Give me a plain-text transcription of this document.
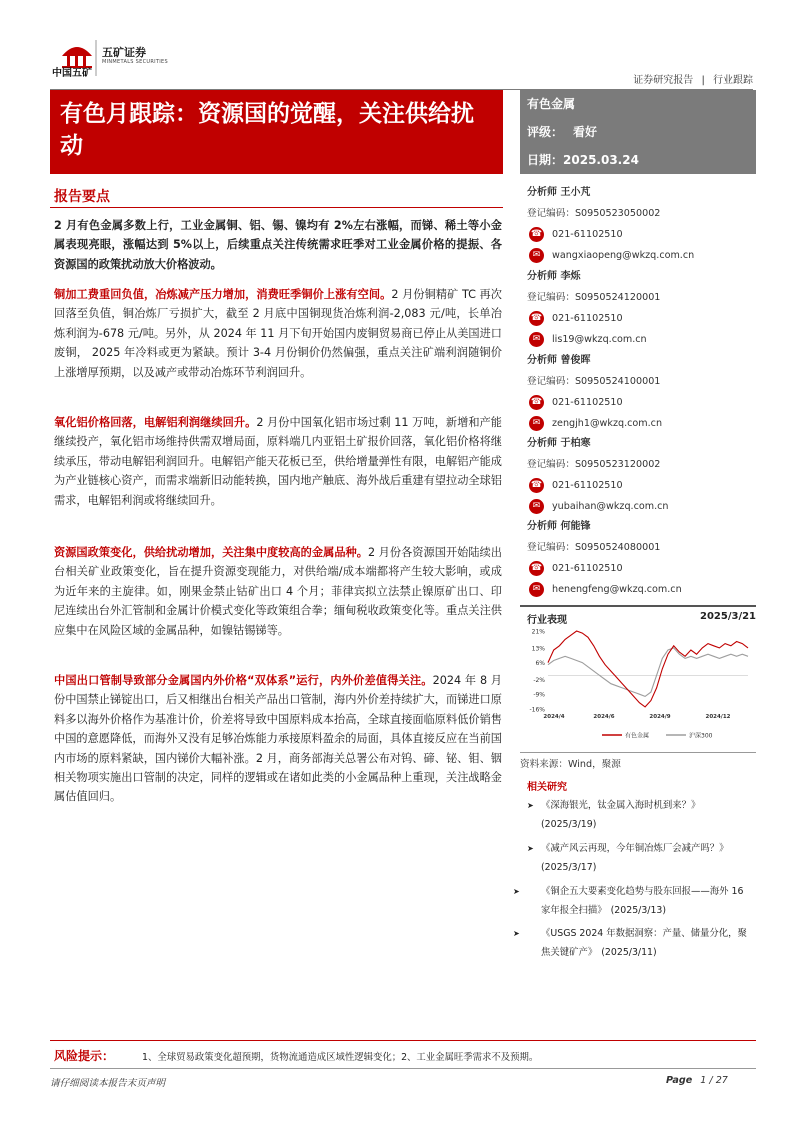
中国五矿
五矿证券
MINMETALS SECURITIES
证券研究报告 | 行业跟踪
有色月跟踪：资源国的觉醒，关注供给扰动
有色金属
评级： 看好
日期：2025.03.24
报告要点
2 月有色金属多数上行，工业金属铜、铝、锡、镍均有 2%左右涨幅，而锑、稀土等小金属表现亮眼，涨幅达到 5%以上，后续重点关注传统需求旺季对工业金属价格的提振、各资源国的政策扰动放大价格波动。
铜加工费重回负值，冶炼减产压力增加，消费旺季铜价上涨有空间。2 月份铜精矿 TC 再次回落至负值，铜冶炼厂亏损扩大，截至 2 月底中国铜现货冶炼利润-2,083 元/吨，长单冶炼利润为-678 元/吨。另外，从 2024 年 11 月下旬开始国内废铜贸易商已停止从美国进口废铜， 2025 年冷料或更为紧缺。预计 3-4 月份铜价仍然偏强，重点关注矿端利润随铜价上涨增厚预期，以及减产或带动冶炼环节利润回升。
氧化铝价格回落，电解铝利润继续回升。2 月份中国氧化铝市场过剩 11 万吨，新增和产能继续投产，氧化铝市场维持供需双增局面，原料端几内亚铝土矿报价回落，氧化铝价格将继续承压，带动电解铝利润回升。电解铝产能天花板已至，供给增量弹性有限，电解铝产能成为产业链核心资产，而需求端新旧动能转换，国内地产触底、海外战后重建有望拉动全球铝需求，电解铝利润或将继续回升。
资源国政策变化，供给扰动增加，关注集中度较高的金属品种。2 月份各资源国开始陆续出台相关矿业政策变化，旨在提升资源变现能力，对供给端/成本端都将产生较大影响，或成为近年来的主旋律。如，刚果金禁止钴矿出口 4 个月；菲律宾拟立法禁止镍原矿出口、印尼连续出台外汇管制和金属计价模式变化等政策组合拳；缅甸税收政策变化等。重点关注供应集中在风险区域的金属品种，如镍钴锡锑等。
中国出口管制导致部分金属国内外价格“双体系”运行，内外价差值得关注。2024 年 8 月份中国禁止锑锭出口，后又相继出台相关产品出口管制，海内外价差持续扩大，而锑进口原料多以海外价格作为基准计价，价差将导致中国原料成本抬高，全球直接面临原料低价销售中国的意愿降低，而海外又没有足够冶炼能力承接原料盈余的局面，具体直接反应在当前国内市场的原料紧缺，国内锑价大幅补涨。2 月，商务部海关总署公布对钨、碲、铋、钼、铟相关物项实施出口管制的决定，同样的逻辑或在诸如此类的小金属品种上重现，关注战略金属估值回归。
分析师 王小芃
登记编码：S0950523050002
☎ 021-61102510
✉	wangxiaopeng@wkzq.com.cn
分析师 李烁
登记编码：S0950524120001
☎ 021-61102510
✉	lis19@wkzq.com.cn
分析师 曾俊晖
登记编码：S0950524100001
☎ 021-61102510
✉	zengjh1@wkzq.com.cn
分析师 于柏寒
登记编码：S0950523120002
☎ 021-61102510
✉	yubaihan@wkzq.com.cn
分析师 何能锋
登记编码：S0950524080001
☎ 021-61102510
✉	henengfeng@wkzq.com.cn
行业表现	2025/3/21
21%
13%
6%
-2%
-9%
-16%
2024/4	2024/6	2024/9	2024/12
有色金属	沪深300
资料来源：Wind，聚源
相关研究
➤ 《深海银光，钛金属入海时机到来？》
(2025/3/19)
➤ 《减产风云再现，今年铜冶炼厂会减产吗？》
(2025/3/17)
➤ 《铜企五大要素变化趋势与股东回报——海外 16 家年报全扫描》 (2025/3/13)
➤ 《USGS 2024 年数据洞察：产量、储量分化，聚焦关键矿产》 (2025/3/11)
风险提示：	1、全球贸易政策变化超预期，货物流通造成区域性逻辑变化；2、工业金属旺季需求不及预期。
请仔细阅读本报告末页声明	Page 1 / 27
